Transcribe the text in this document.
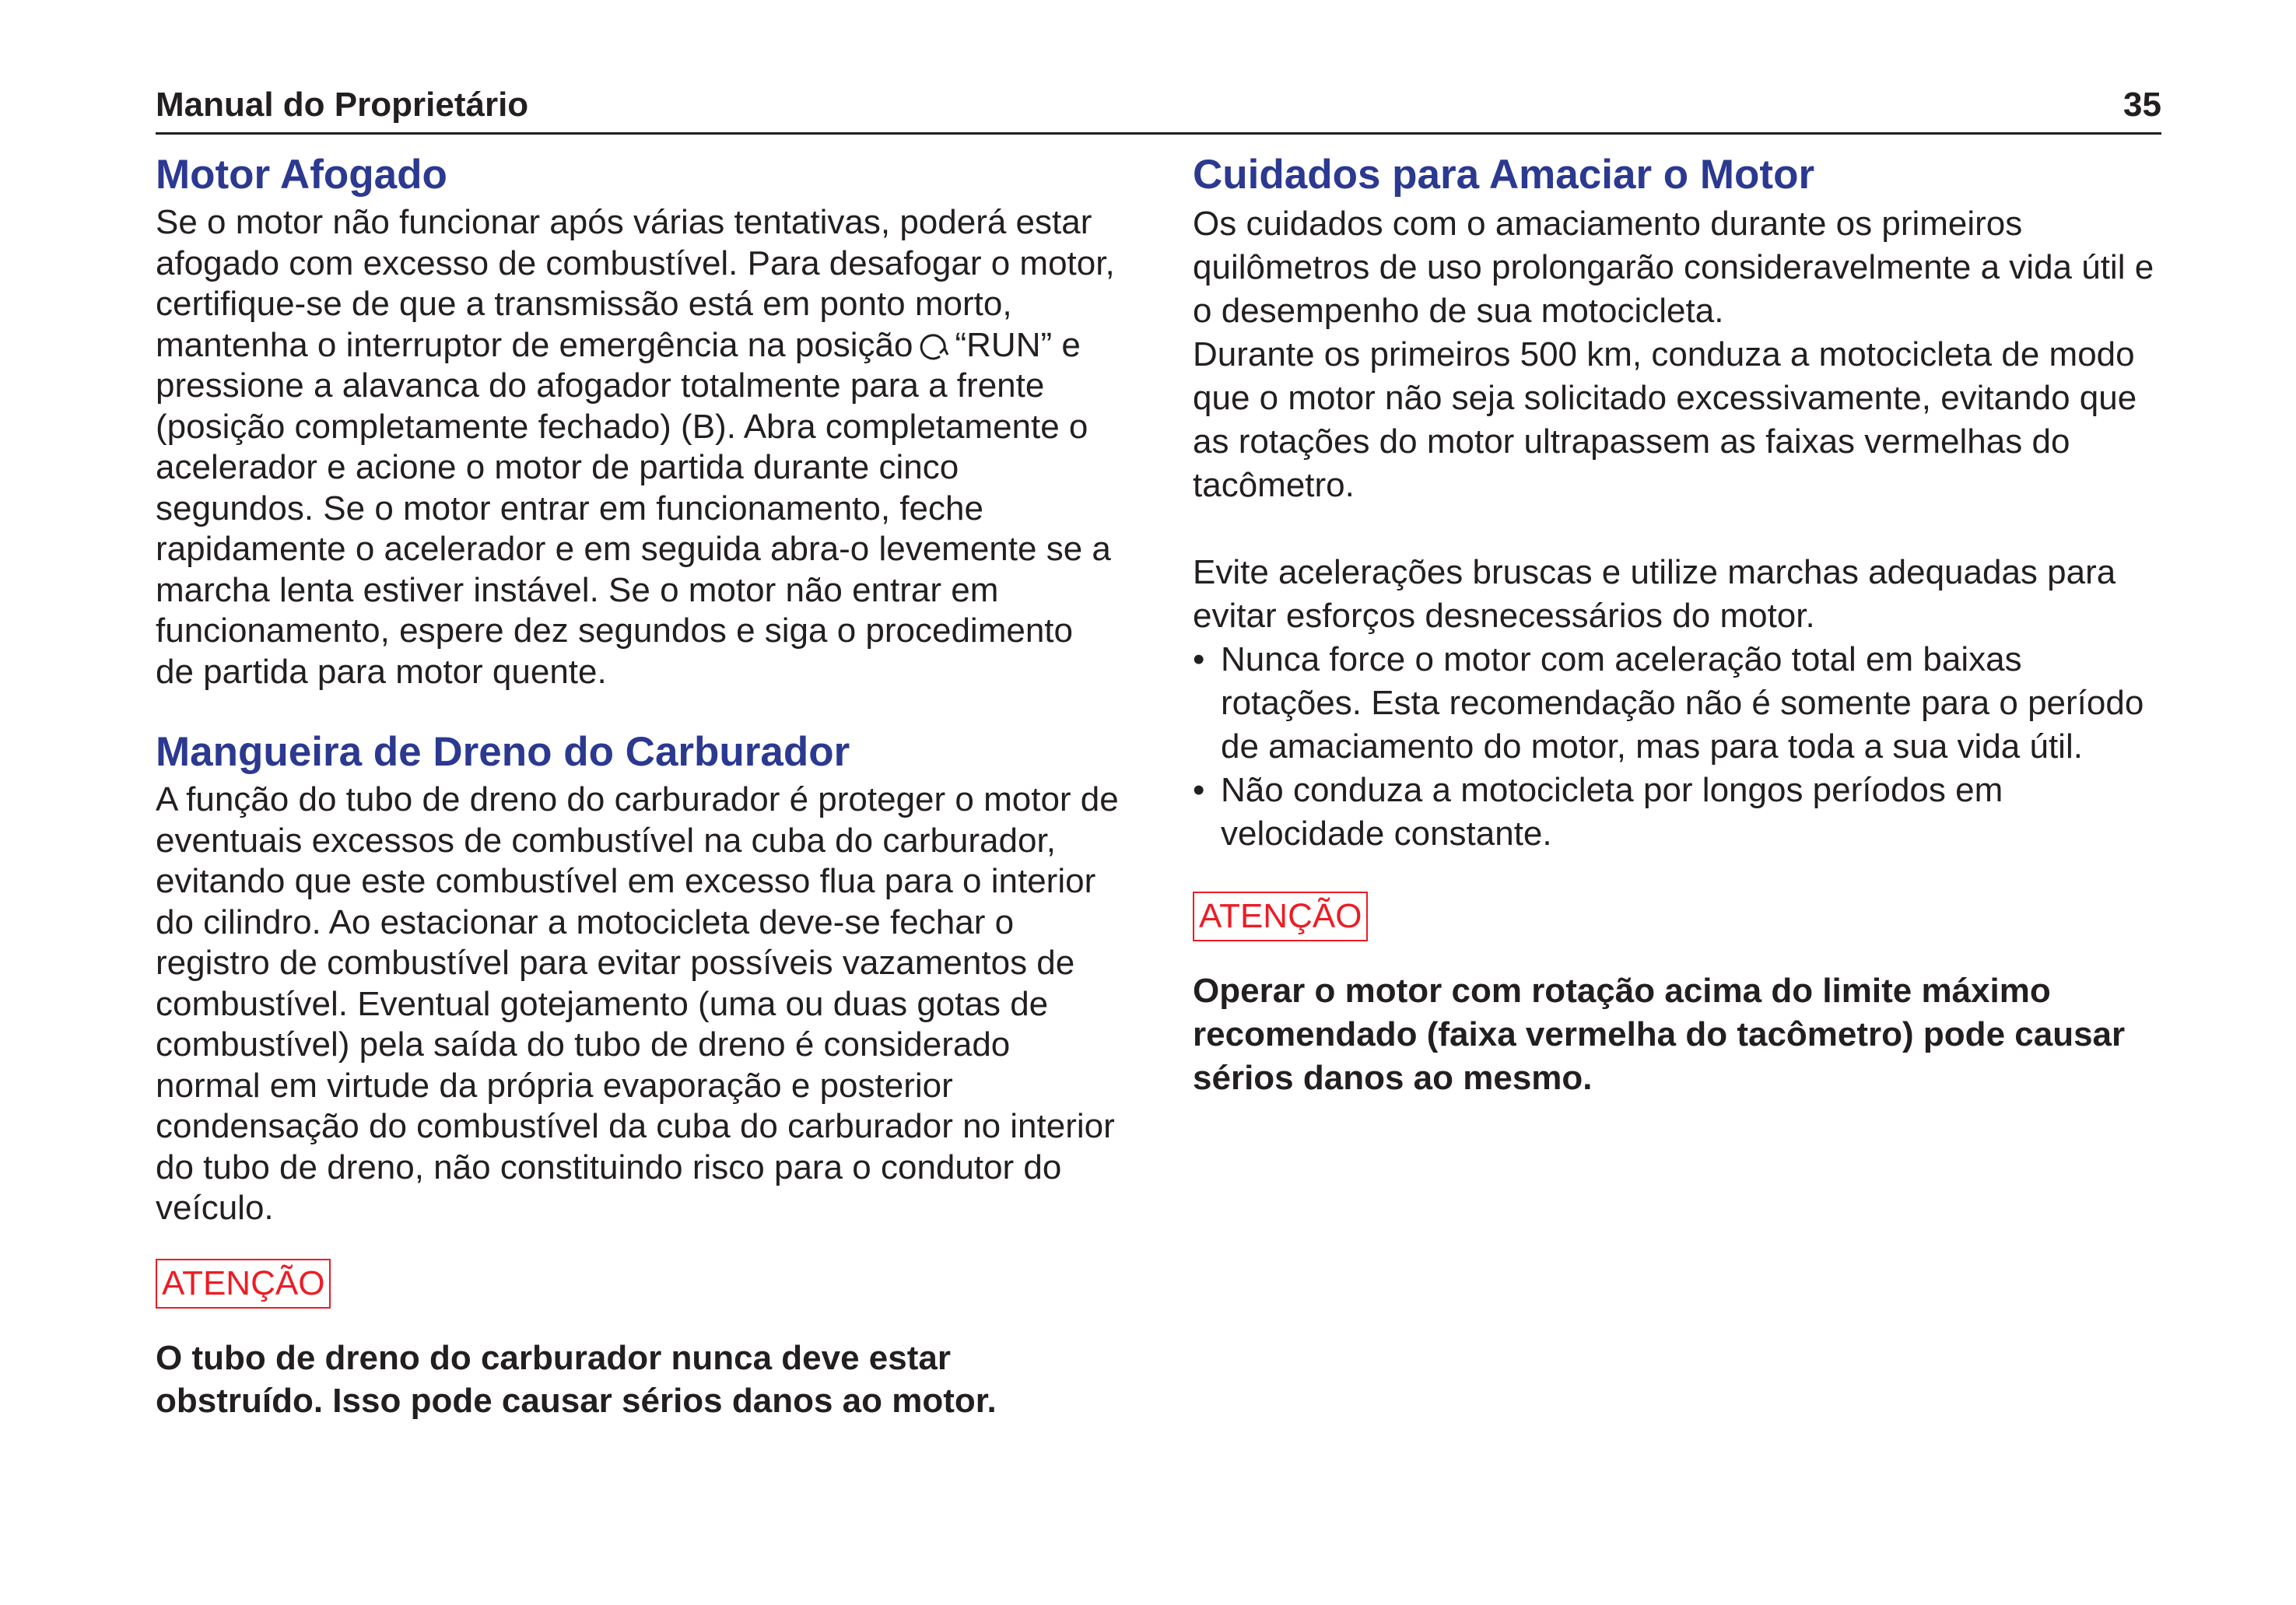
Manual do Proprietário	35
Motor Afogado

Se o motor não funcionar após várias tentativas, poderá estar afogado com excesso de combustível. Para desafogar o motor, certifique-se de que a transmissão está em ponto morto, mantenha o interruptor de emergência na posição “RUN” e pressione a alavanca do afogador totalmente para a frente (posição completamente fechado) (B). Abra completamente o acelerador e acione o motor de partida durante cinco segundos. Se o motor entrar em funcionamento, feche rapidamente o acelerador e em seguida abra-o levemente se a marcha lenta estiver instável. Se o motor não entrar em funcionamento, espere dez segundos e siga o procedimento de partida para motor quente.

Mangueira de Dreno do Carburador

A função do tubo de dreno do carburador é proteger o motor de eventuais excessos de combustível na cuba do carburador, evitando que este combustível em excesso flua para o interior do cilindro. Ao estacionar a motocicleta deve-se fechar o registro de combustível para evitar possíveis vazamentos de combustível. Eventual gotejamento (uma ou duas gotas de combustível) pela saída do tubo de dreno é considerado normal em virtude da própria evaporação e posterior condensação do combustível da cuba do carburador no interior do tubo de dreno, não constituindo risco para o condutor do veículo.

ATENÇÃO

O tubo de dreno do carburador nunca deve estar obstruído. Isso pode causar sérios danos ao motor.

Cuidados para Amaciar o Motor

Os cuidados com o amaciamento durante os primeiros quilômetros de uso prolongarão consideravelmente a vida útil e o desempenho de sua motocicleta.

Durante os primeiros 500 km, conduza a motocicleta de modo que o motor não seja solicitado excessivamente, evitando que as rotações do motor ultrapassem as faixas vermelhas do tacômetro.

Evite acelerações bruscas e utilize marchas adequadas para evitar esforços desnecessários do motor.

• Nunca force o motor com aceleração total em baixas rotações. Esta recomendação não é somente para o período de amaciamento do motor, mas para toda a sua vida útil.
• Não conduza a motocicleta por longos períodos em velocidade constante.
ATENÇÃO

Operar o motor com rotação acima do limite máximo recomendado (faixa vermelha do tacômetro) pode causar sérios danos ao mesmo.
